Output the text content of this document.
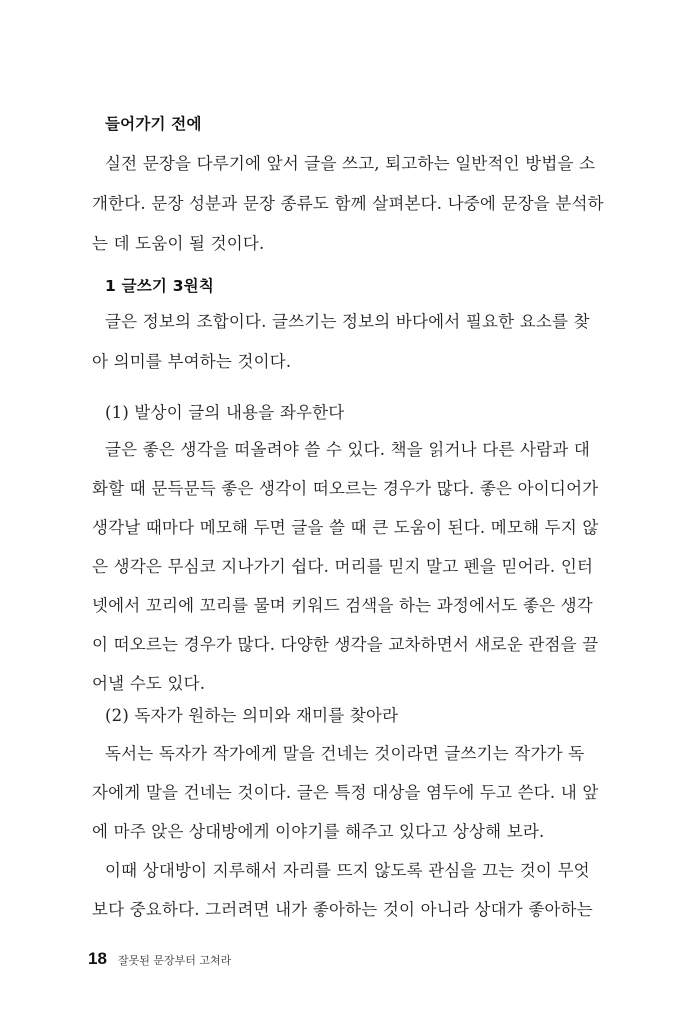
들어가기 전에
실전 문장을 다루기에 앞서 글을 쓰고, 퇴고하는 일반적인 방법을 소
개한다. 문장 성분과 문장 종류도 함께 살펴본다. 나중에 문장을 분석하
는 데 도움이 될 것이다.
1 글쓰기 3원칙
글은 정보의 조합이다. 글쓰기는 정보의 바다에서 필요한 요소를 찾
아 의미를 부여하는 것이다.
(1) 발상이 글의 내용을 좌우한다
글은 좋은 생각을 떠올려야 쓸 수 있다. 책을 읽거나 다른 사람과 대
화할 때 문득문득 좋은 생각이 떠오르는 경우가 많다. 좋은 아이디어가
생각날 때마다 메모해 두면 글을 쓸 때 큰 도움이 된다. 메모해 두지 않
은 생각은 무심코 지나가기 쉽다. 머리를 믿지 말고 펜을 믿어라. 인터
넷에서 꼬리에 꼬리를 물며 키워드 검색을 하는 과정에서도 좋은 생각
이 떠오르는 경우가 많다. 다양한 생각을 교차하면서 새로운 관점을 끌
어낼 수도 있다.
(2) 독자가 원하는 의미와 재미를 찾아라
독서는 독자가 작가에게 말을 건네는 것이라면 글쓰기는 작가가 독
자에게 말을 건네는 것이다. 글은 특정 대상을 염두에 두고 쓴다. 내 앞
에 마주 앉은 상대방에게 이야기를 해주고 있다고 상상해 보라.
이때 상대방이 지루해서 자리를 뜨지 않도록 관심을 끄는 것이 무엇
보다 중요하다. 그러려면 내가 좋아하는 것이 아니라 상대가 좋아하는
18 잘못된 문장부터 고쳐라
